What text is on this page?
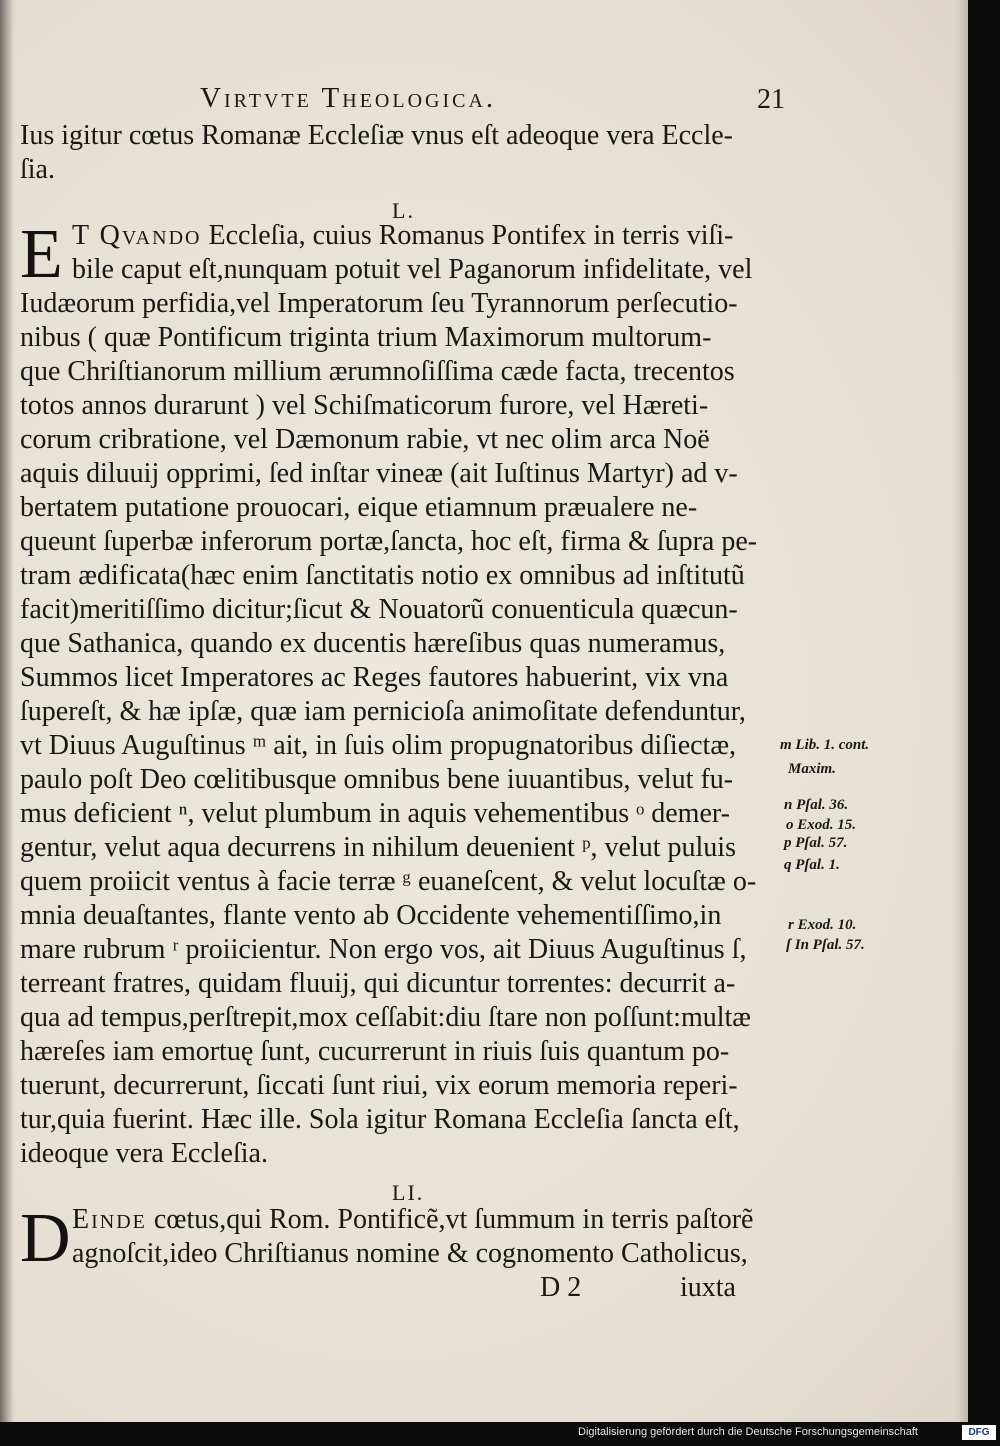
Virtvte Theologica.	21
Ius igitur cœtus Romanæ Eccleſiæ vnus eſt adeoque vera Eccle-
ſia.
L.
E T Qvando Eccleſia, cuius Romanus Pontifex in terris viſi-
bile caput eſt,nunquam potuit vel Paganorum infidelitate, vel
Iudæorum perfidia,vel Imperatorum ſeu Tyrannorum perſecutio-
nibus ( quæ Pontificum triginta trium Maximorum multorum-
que Chriſtianorum millium ærumnoſiſſima cæde facta, trecentos
totos annos durarunt ) vel Schiſmaticorum furore, vel Hæreti-
corum cribratione, vel Dæmonum rabie, vt nec olim arca Noë
aquis diluuij opprimi, ſed inſtar vineæ (ait Iuſtinus Martyr) ad v-
bertatem putatione prouocari, eique etiamnum præualere ne-
queunt ſuperbæ inferorum portæ,ſancta, hoc eſt, firma & ſupra pe-
tram ædificata(hæc enim ſanctitatis notio ex omnibus ad inſtitutũ
facit)meritiſſimo dicitur;ſicut & Nouatorũ conuenticula quæcun-
que Sathanica, quando ex ducentis hæreſibus quas numeramus,
Summos licet Imperatores ac Reges fautores habuerint, vix vna
ſupereſt, & hæ ipſæ, quæ iam pernicioſa animoſitate defenduntur,
vt Diuus Auguſtinus ᵐ ait, in ſuis olim propugnatoribus diſiectæ,
paulo poſt Deo cœlitibusque omnibus bene iuuantibus, velut fu-
mus deficient ⁿ, velut plumbum in aquis vehementibus ᵒ demer-
gentur, velut aqua decurrens in nihilum deuenient ᵖ, velut puluis
quem proiicit ventus à facie terræ ᵍ euaneſcent, & velut locuſtæ o-
mnia deuaſtantes, flante vento ab Occidente vehementiſſimo,in
mare rubrum ʳ proiicientur. Non ergo vos, ait Diuus Auguſtinus ſ,
terreant fratres, quidam fluuij, qui dicuntur torrentes: decurrit a-
qua ad tempus,perſtrepit,mox ceſſabit:diu ſtare non poſſunt:multæ
hæreſes iam emortuę ſunt, cucurrerunt in riuis ſuis quantum po-
tuerunt, decurrerunt, ſiccati ſunt riui, vix eorum memoria reperi-
tur,quia fuerint. Hæc ille. Sola igitur Romana Eccleſia ſancta eſt,
ideoque vera Eccleſia.
LI.
D Einde cœtus,qui Rom. Pontificẽ,vt ſummum in terris paſtorẽ
agnoſcit,ideo Chriſtianus nomine & cognomento Catholicus,
D 2	iuxta
m Lib. 1. cont.
Maxim.
n Pſal. 36.
o Exod. 15.
p Pſal. 57.
q Pſal. 1.
r Exod. 10.
ſ In Pſal. 57.
Digitalisierung gefördert durch die Deutsche Forschungsgemeinschaft	DFG
